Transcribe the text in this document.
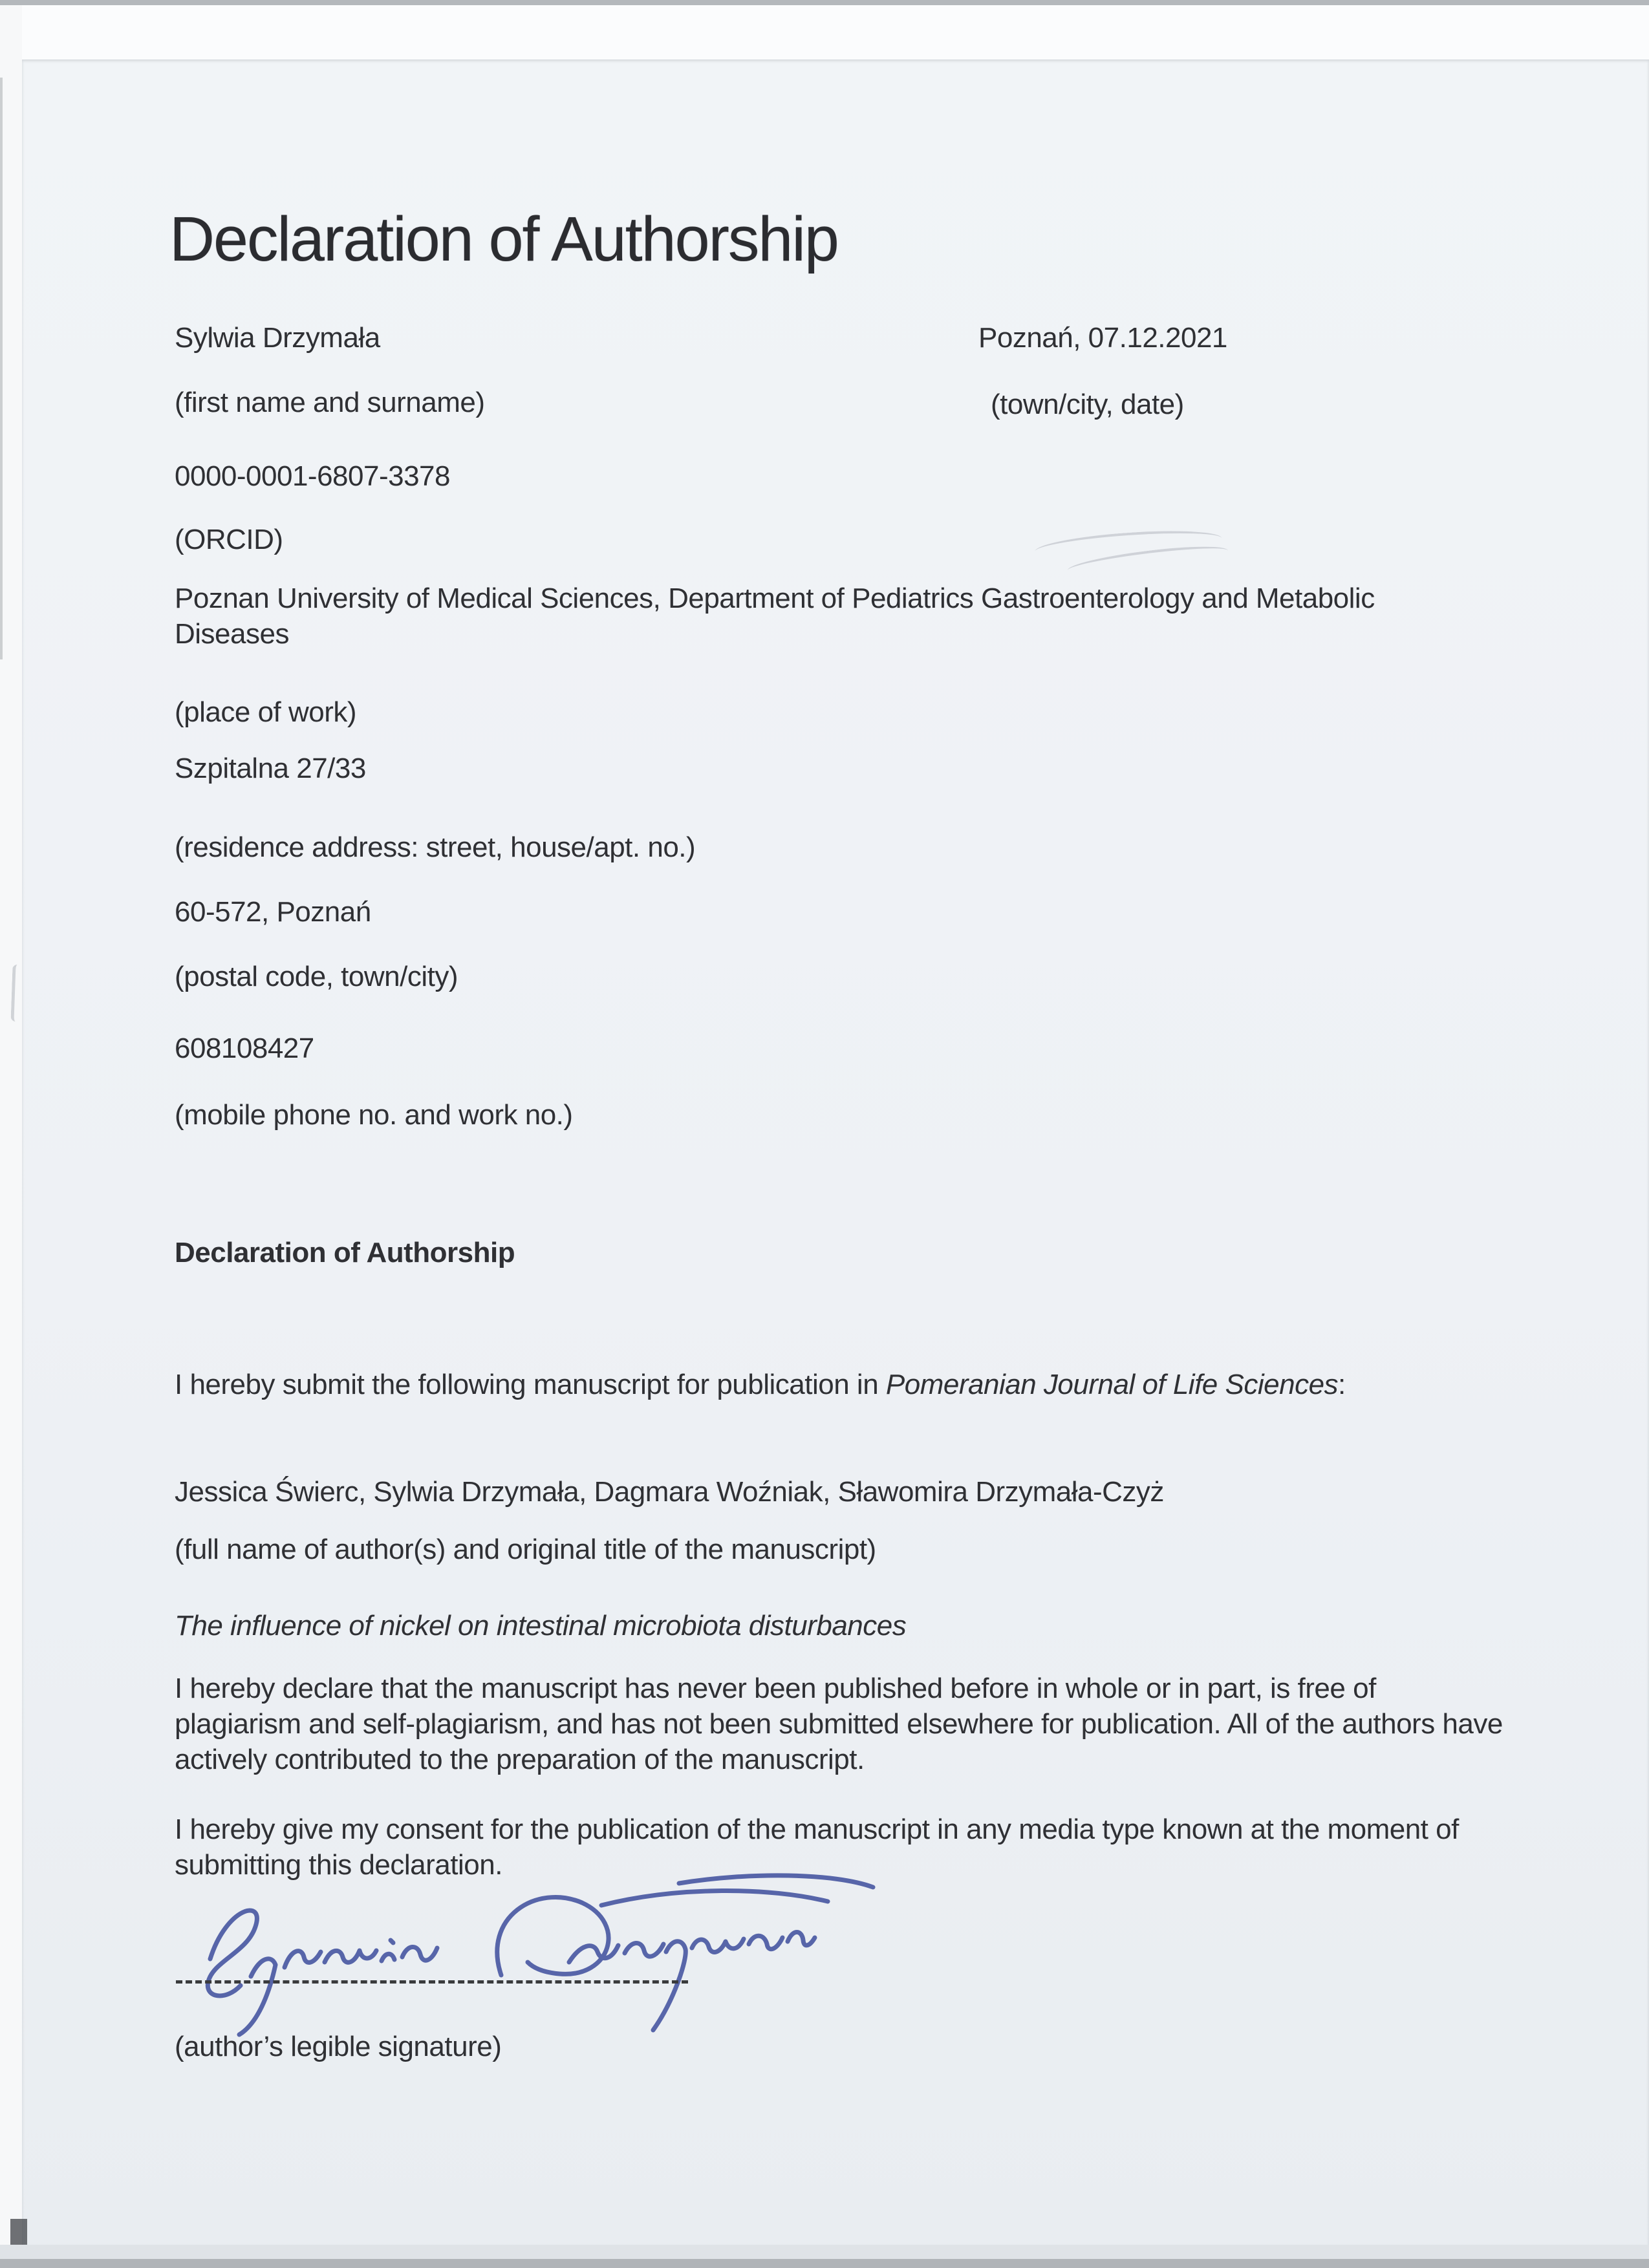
Declaration of Authorship
Sylwia Drzymała	Poznań, 07.12.2021
(first name and surname)	(town/city, date)
0000-0001-6807-3378
(ORCID)

Poznan University of Medical Sciences, Department of Pediatrics Gastroenterology and Metabolic Diseases

(place of work)
Szpitalna 27/33
(residence address: street, house/apt. no.)
60-572, Poznań
(postal code, town/city)
608108427
(mobile phone no. and work no.)
Declaration of Authorship

I hereby submit the following manuscript for publication in Pomeranian Journal of Life Sciences:

Jessica Świerc, Sylwia Drzymała, Dagmara Woźniak, Sławomira Drzymała-Czyż
(full name of author(s) and original title of the manuscript)
The influence of nickel on intestinal microbiota disturbances

I hereby declare that the manuscript has never been published before in whole or in part, is free of plagiarism and self-plagiarism, and has not been submitted elsewhere for publication. All of the authors have actively contributed to the preparation of the manuscript.

I hereby give my consent for the publication of the manuscript in any media type known at the moment of submitting this declaration.

(author’s legible signature)
